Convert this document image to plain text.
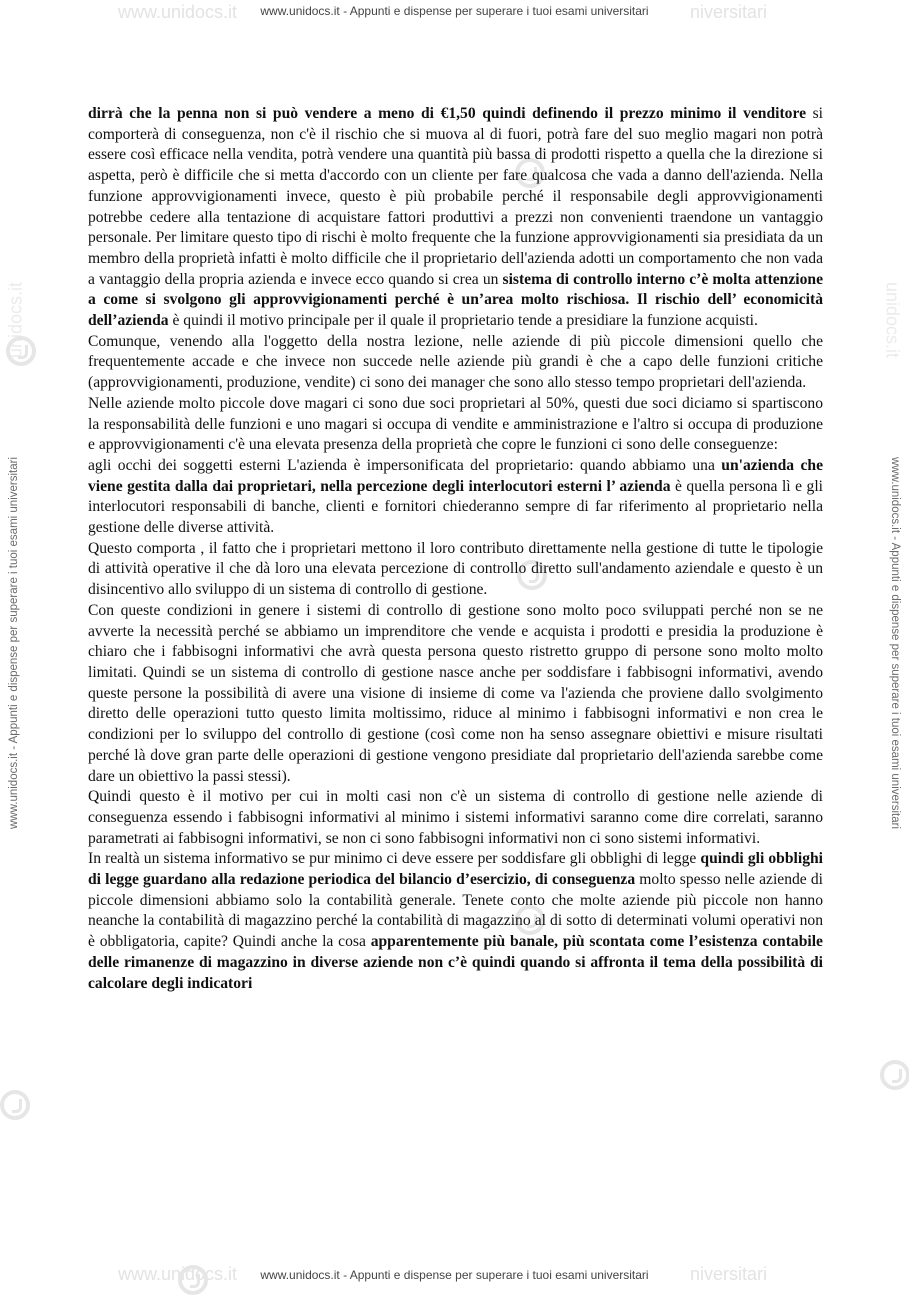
www.unidocs.it	niversitari
www.unidocs.it - Appunti e dispense per superare i tuoi esami universitari
www.unidocs.it	niversitari
www.unidocs.it - Appunti e dispense per superare i tuoi esami universitari
www.unidocs.it - Appunti e dispense per superare i tuoi esami universitari	www.unidocs.it - Appunti e dispense per superare i tuoi esami universitari
unidocs.it	unidocs.it

dirrà che la penna non si può vendere a meno di €1,50 quindi definendo il prezzo minimo il venditore si comporterà di conseguenza, non c'è il rischio che si muova al di fuori, potrà fare del suo meglio magari non potrà essere così efficace nella vendita, potrà vendere una quantità più bassa di prodotti rispetto a quella che la direzione si aspetta, però è difficile che si metta d'accordo con un cliente per fare qualcosa che vada a danno dell'azienda. Nella funzione approvvigionamenti invece, questo è più probabile perché il responsabile degli approvvigionamenti potrebbe cedere alla tentazione di acquistare fattori produttivi a prezzi non convenienti traendone un vantaggio personale. Per limitare questo tipo di rischi è molto frequente che la funzione approvvigionamenti sia presidiata da un membro della proprietà infatti è molto difficile che il proprietario dell'azienda adotti un comportamento che non vada a vantaggio della propria azienda e invece ecco quando si crea un sistema di controllo interno c’è molta attenzione a come si svolgono gli approvvigionamenti perché è un’area molto rischiosa. Il rischio dell’ economicità dell’azienda è quindi il motivo principale per il quale il proprietario tende a presidiare la funzione acquisti.

Comunque, venendo alla l'oggetto della nostra lezione, nelle aziende di più piccole dimensioni quello che frequentemente accade e che invece non succede nelle aziende più grandi è che a capo delle funzioni critiche (approvvigionamenti, produzione, vendite) ci sono dei manager che sono allo stesso tempo proprietari dell'azienda.

Nelle aziende molto piccole dove magari ci sono due soci proprietari al 50%, questi due soci diciamo si spartiscono la responsabilità delle funzioni e uno magari si occupa di vendite e amministrazione e l'altro si occupa di produzione e approvvigionamenti c'è una elevata presenza della proprietà che copre le funzioni ci sono delle conseguenze:

agli occhi dei soggetti esterni L'azienda è impersonificata del proprietario: quando abbiamo una un'azienda che viene gestita dalla dai proprietari, nella percezione degli interlocutori esterni l’ azienda è quella persona lì e gli interlocutori responsabili di banche, clienti e fornitori chiederanno sempre di far riferimento al proprietario nella gestione delle diverse attività.

Questo comporta , il fatto che i proprietari mettono il loro contributo direttamente nella gestione di tutte le tipologie di attività operative il che dà loro una elevata percezione di controllo diretto sull'andamento aziendale e questo è un disincentivo allo sviluppo di un sistema di controllo di gestione.

Con queste condizioni in genere i sistemi di controllo di gestione sono molto poco sviluppati perché non se ne avverte la necessità perché se abbiamo un imprenditore che vende e acquista i prodotti e presidia la produzione è chiaro che i fabbisogni informativi che avrà questa persona questo ristretto gruppo di persone sono molto molto limitati. Quindi se un sistema di controllo di gestione nasce anche per soddisfare i fabbisogni informativi, avendo queste persone la possibilità di avere una visione di insieme di come va l'azienda che proviene dallo svolgimento diretto delle operazioni tutto questo limita moltissimo, riduce al minimo i fabbisogni informativi e non crea le condizioni per lo sviluppo del controllo di gestione (così come non ha senso assegnare obiettivi e misure risultati perché là dove gran parte delle operazioni di gestione vengono presidiate dal proprietario dell'azienda sarebbe come dare un obiettivo la passi stessi).

Quindi questo è il motivo per cui in molti casi non c'è un sistema di controllo di gestione nelle aziende di conseguenza essendo i fabbisogni informativi al minimo i sistemi informativi saranno come dire correlati, saranno parametrati ai fabbisogni informativi, se non ci sono fabbisogni informativi non ci sono sistemi informativi.

In realtà un sistema informativo se pur minimo ci deve essere per soddisfare gli obblighi di legge quindi gli obblighi di legge guardano alla redazione periodica del bilancio d’esercizio, di conseguenza molto spesso nelle aziende di piccole dimensioni abbiamo solo la contabilità generale. Tenete conto che molte aziende più piccole non hanno neanche la contabilità di magazzino perché la contabilità di magazzino al di sotto di determinati volumi operativi non è obbligatoria, capite? Quindi anche la cosa apparentemente più banale, più scontata come l’esistenza contabile delle rimanenze di magazzino in diverse aziende non c’è quindi quando si affronta il tema della possibilità di calcolare degli indicatori
